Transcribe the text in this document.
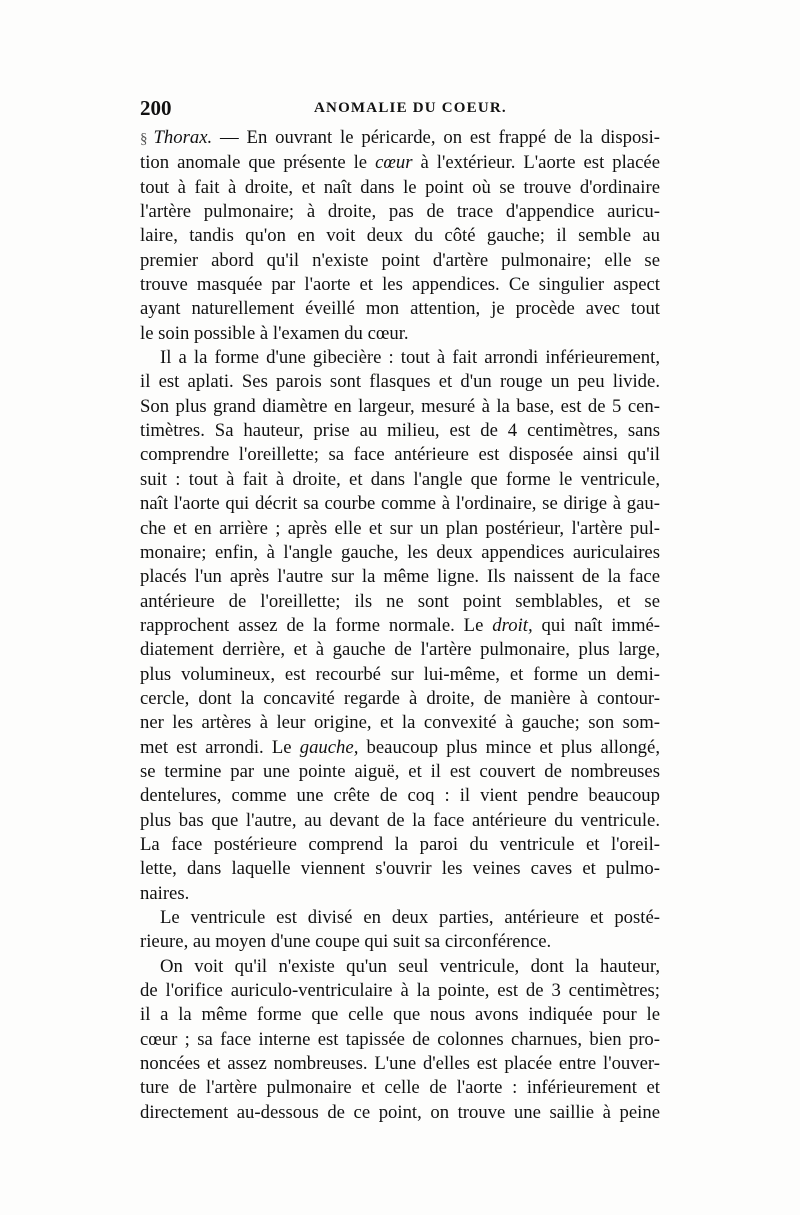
200	ANOMALIE DU COEUR.
§ Thorax. — En ouvrant le péricarde, on est frappé de la disposi-
tion anomale que présente le cœur à l'extérieur. L'aorte est placée
tout à fait à droite, et naît dans le point où se trouve d'ordinaire
l'artère pulmonaire; à droite, pas de trace d'appendice auricu-
laire, tandis qu'on en voit deux du côté gauche; il semble au
premier abord qu'il n'existe point d'artère pulmonaire; elle se
trouve masquée par l'aorte et les appendices. Ce singulier aspect
ayant naturellement éveillé mon attention, je procède avec tout
le soin possible à l'examen du cœur.
Il a la forme d'une gibecière : tout à fait arrondi inférieurement,
il est aplati. Ses parois sont flasques et d'un rouge un peu livide.
Son plus grand diamètre en largeur, mesuré à la base, est de 5 cen-
timètres. Sa hauteur, prise au milieu, est de 4 centimètres, sans
comprendre l'oreillette; sa face antérieure est disposée ainsi qu'il
suit : tout à fait à droite, et dans l'angle que forme le ventricule,
naît l'aorte qui décrit sa courbe comme à l'ordinaire, se dirige à gau-
che et en arrière ; après elle et sur un plan postérieur, l'artère pul-
monaire; enfin, à l'angle gauche, les deux appendices auriculaires
placés l'un après l'autre sur la même ligne. Ils naissent de la face
antérieure de l'oreillette; ils ne sont point semblables, et se
rapprochent assez de la forme normale. Le droit, qui naît immé-
diatement derrière, et à gauche de l'artère pulmonaire, plus large,
plus volumineux, est recourbé sur lui-même, et forme un demi-
cercle, dont la concavité regarde à droite, de manière à contour-
ner les artères à leur origine, et la convexité à gauche; son som-
met est arrondi. Le gauche, beaucoup plus mince et plus allongé,
se termine par une pointe aiguë, et il est couvert de nombreuses
dentelures, comme une crête de coq : il vient pendre beaucoup
plus bas que l'autre, au devant de la face antérieure du ventricule.
La face postérieure comprend la paroi du ventricule et l'oreil-
lette, dans laquelle viennent s'ouvrir les veines caves et pulmo-
naires.
Le ventricule est divisé en deux parties, antérieure et posté-
rieure, au moyen d'une coupe qui suit sa circonférence.
On voit qu'il n'existe qu'un seul ventricule, dont la hauteur,
de l'orifice auriculo-ventriculaire à la pointe, est de 3 centimètres;
il a la même forme que celle que nous avons indiquée pour le
cœur ; sa face interne est tapissée de colonnes charnues, bien pro-
noncées et assez nombreuses. L'une d'elles est placée entre l'ouver-
ture de l'artère pulmonaire et celle de l'aorte : inférieurement et
directement au-dessous de ce point, on trouve une saillie à peine
